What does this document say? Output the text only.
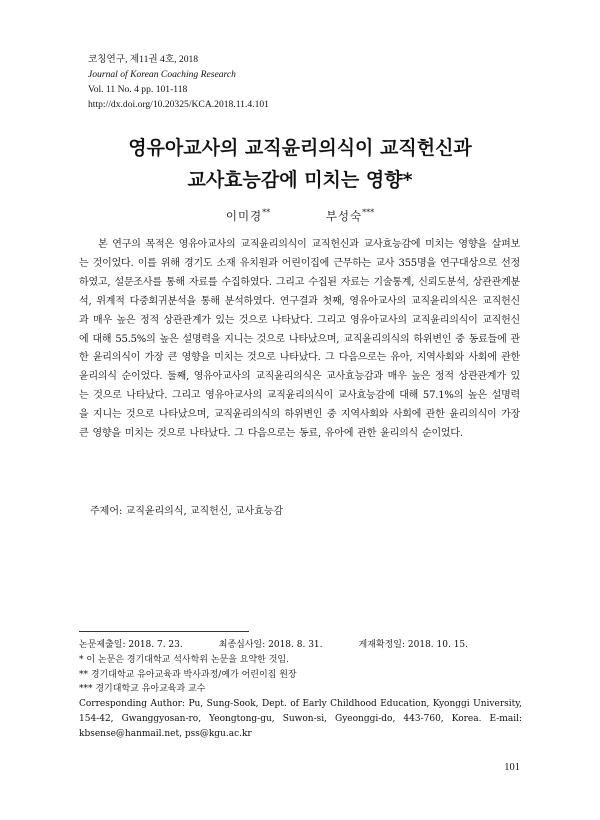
코칭연구, 제11권 4호, 2018
Journal of Korean Coaching Research
Vol. 11 No. 4 pp. 101-118
http://dx.doi.org/10.20325/KCA.2018.11.4.101
영유아교사의 교직윤리의식이 교직헌신과
교사효능감에 미치는 영향*
이미경**	부성숙***
본 연구의 목적은 영유아교사의 교직윤리의식이 교직헌신과 교사효능감에 미치는 영향을 살펴보는 것이었다. 이를 위해 경기도 소재 유치원과 어린이집에 근무하는 교사 355명을 연구대상으로 선정하였고, 설문조사를 통해 자료를 수집하였다. 그리고 수집된 자료는 기술통계, 신뢰도분석, 상관관계분석, 위계적 다중회귀분석을 통해 분석하였다. 연구결과 첫째, 영유아교사의 교직윤리의식은 교직헌신과 매우 높은 정적 상관관계가 있는 것으로 나타났다. 그리고 영유아교사의 교직윤리의식이 교직헌신에 대해 55.5%의 높은 설명력을 지니는 것으로 나타났으며, 교직윤리의식의 하위변인 중 동료들에 관한 윤리의식이 가장 큰 영향을 미치는 것으로 나타났다. 그 다음으로는 유아, 지역사회와 사회에 관한 윤리의식 순이었다. 둘째, 영유아교사의 교직윤리의식은 교사효능감과 매우 높은 정적 상관관계가 있는 것으로 나타났다. 그리고 영유아교사의 교직윤리의식이 교사효능감에 대해 57.1%의 높은 설명력을 지니는 것으로 나타났으며, 교직윤리의식의 하위변인 중 지역사회와 사회에 관한 윤리의식이 가장 큰 영향을 미치는 것으로 나타났다. 그 다음으로는 동료, 유아에 관한 윤리의식 순이었다.
주제어: 교직윤리의식, 교직헌신, 교사효능감
논문제출일: 2018. 7. 23.	최종심사일: 2018. 8. 31.	게재확정일: 2018. 10. 15.
* 이 논문은 경기대학교 석사학위 논문을 요약한 것임.
** 경기대학교 유아교육과 박사과정/예가 어린이집 원장
*** 경기대학교 유아교육과 교수
Corresponding Author: Pu, Sung-Sook, Dept. of Early Childhood Education, Kyonggi University, 154-42, Gwanggyosan-ro, Yeongtong-gu, Suwon-si, Gyeonggi-do, 443-760, Korea. E-mail: kbsense@hanmail.net, pss@kgu.ac.kr
101
